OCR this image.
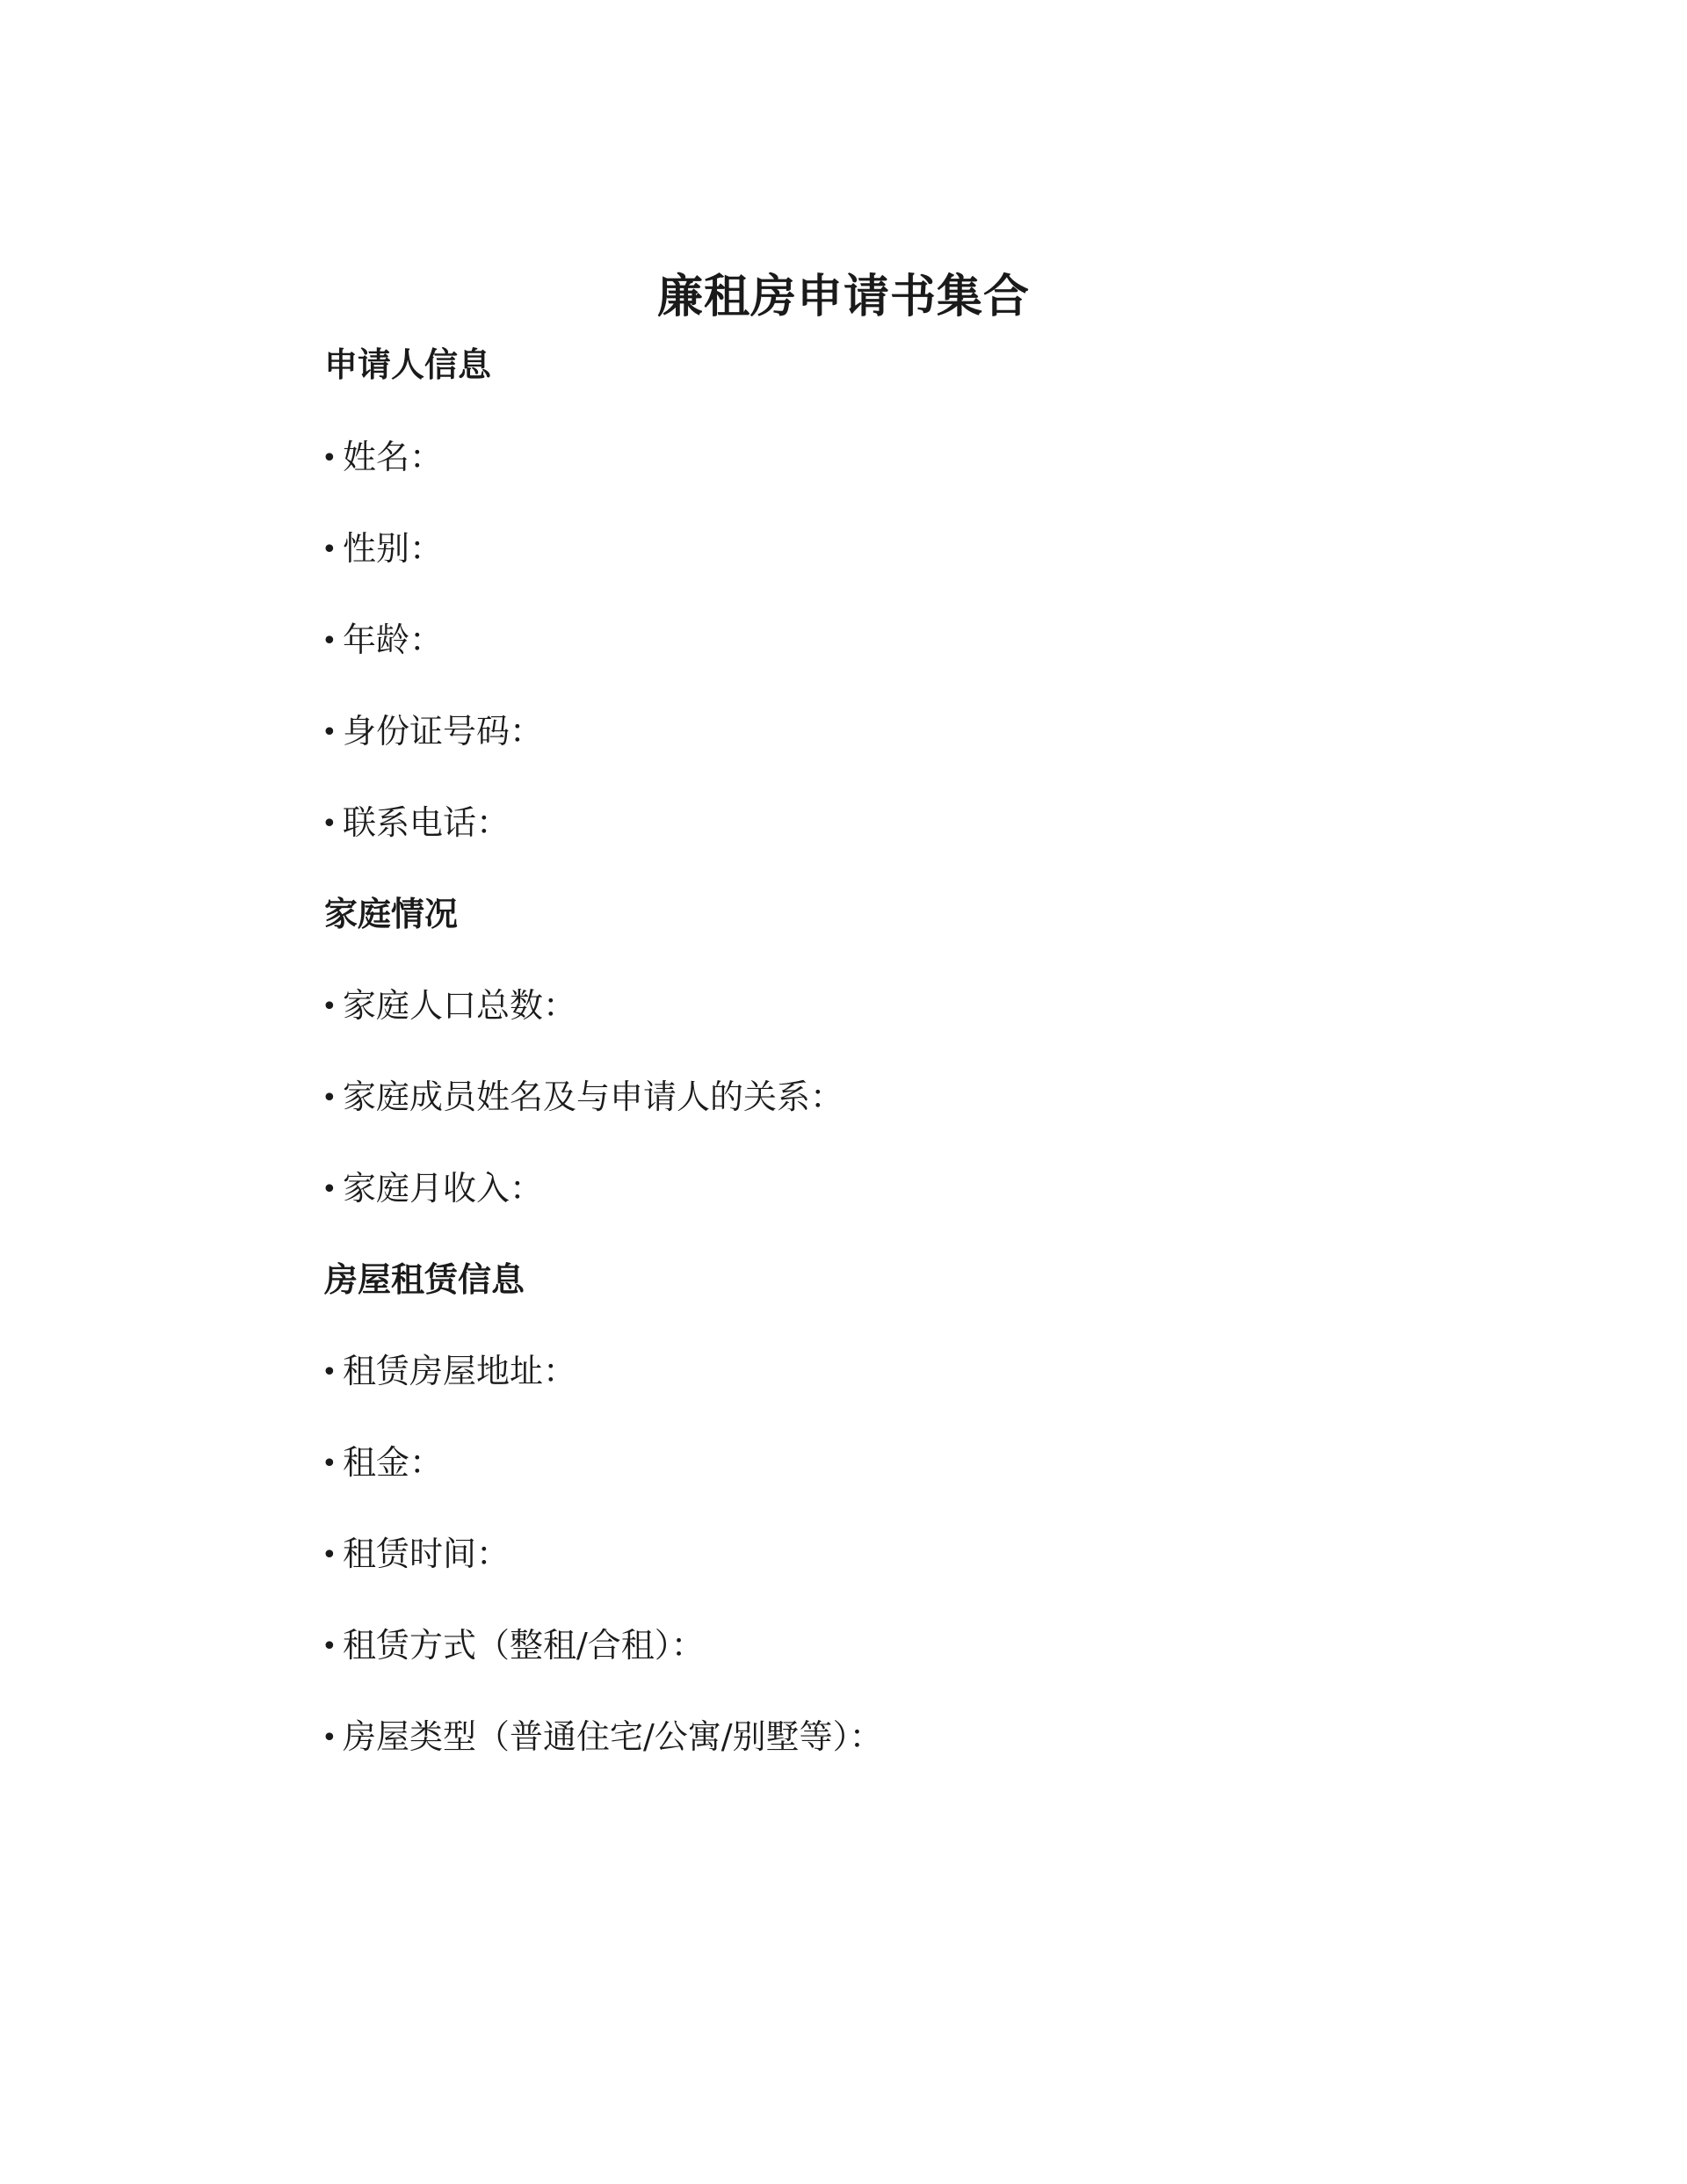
廉租房申请书集合
申请人信息
• 姓名：
• 性别：
• 年龄：
• 身份证号码：
• 联系电话：
家庭情况
• 家庭人口总数：
• 家庭成员姓名及与申请人的关系：
• 家庭月收入：
房屋租赁信息
• 租赁房屋地址：
• 租金：
• 租赁时间：
• 租赁方式（整租/合租）：
• 房屋类型（普通住宅/公寓/别墅等）：
